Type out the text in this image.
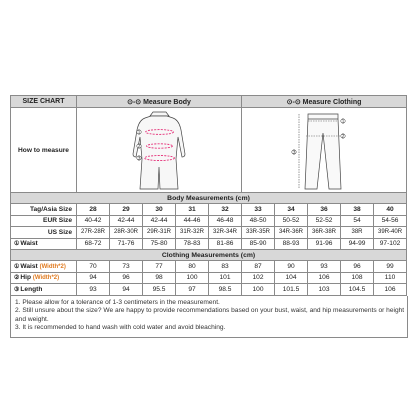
SIZE CHART	⊙-⊙ Measure Body					⊙-⊙ Measure Clothing				
How to measure	1
2
3					1
2
3				

Body Measurements (cm)										
Tag/Asia Size	28	29	30	31	32	33	34	36	38	40
EUR Size	40-42	42-44	42-44	44-46	46-48	48-50	50-52	52-52	54	54-56
US Size	27R-28R	28R-30R	29R-31R	31R-32R	32R-34R	33R-35R	34R-36R	36R-38R	38R	39R-40R
①Waist	68-72	71-76	75-80	78-83	81-86	85-90	88-93	91-96	94-99	97-102
Clothing Measurements (cm)										
①Waist (Width*2)	70	73	77	80	83	87	90	93	96	99
②Hip (Width*2)	94	96	98	100	101	102	104	106	108	110
③Length	93	94	95.5	97	98.5	100	101.5	103	104.5	106
1. Please allow for a tolerance of 1-3 centimeters in the measurement.
2. Still unsure about the size? We are happy to provide recommendations based on your bust, waist, and hip measurements or height
and weight.
3. It is recommended to hand wash with cold water and avoid bleaching.
